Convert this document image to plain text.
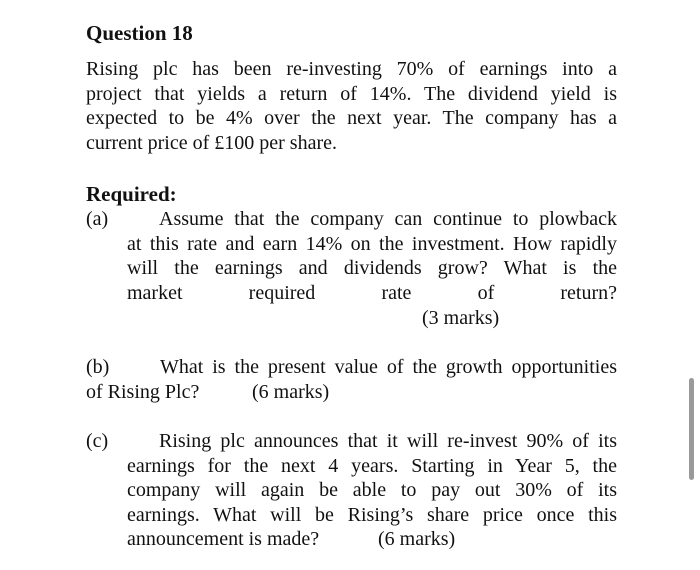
Question 18
Rising plc has been re-investing 70% of earnings into a
project that yields a return of 14%. The dividend yield is
expected to be 4% over the next year. The company has a
current price of £100 per share.
Required:
(a)	Assume that the company can continue to plowback
at this rate and earn 14% on the investment. How rapidly
will the earnings and dividends grow? What is the
market required rate of return?
(3 marks)
(b)	What is the present value of the growth opportunities
of Rising Plc?	(6 marks)
(c)	Rising plc announces that it will re-invest 90% of its
earnings for the next 4 years. Starting in Year 5, the
company will again be able to pay out 30% of its
earnings. What will be Rising’s share price once this
announcement is made?	(6 marks)
